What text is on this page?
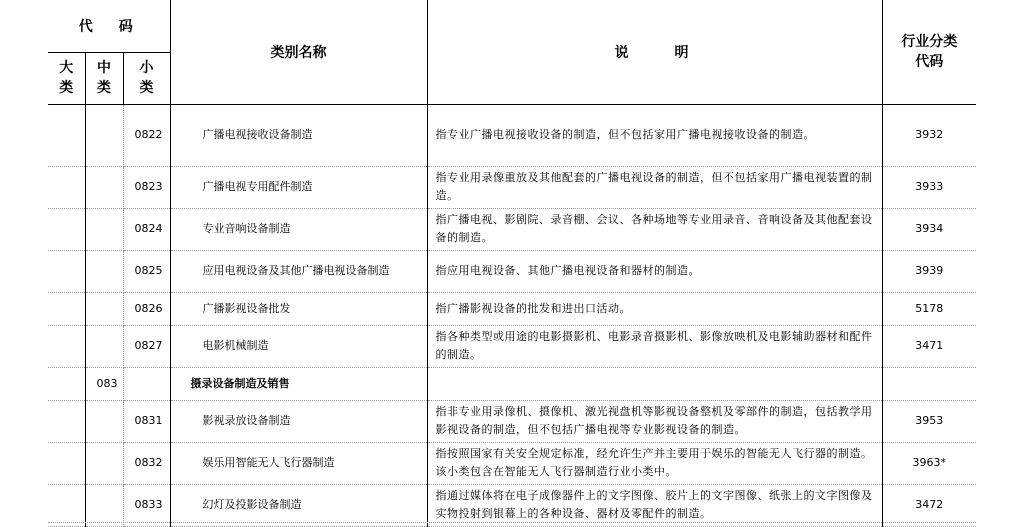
代　码			类别名称	说　　明	行业分类代码
大类	中类	小类			
		0822	广播电视接收设备制造	指专业广播电视接收设备的制造，但不包括家用广播电视接收设备的制造。	3932
		0823	广播电视专用配件制造	指专业用录像重放及其他配套的广播电视设备的制造，但不包括家用广播电视装置的制造。	3933
		0824	专业音响设备制造	指广播电视、影剧院、录音棚、会议、各种场地等专业用录音、音响设备及其他配套设备的制造。	3934
		0825	应用电视设备及其他广播电视设备制造	指应用电视设备、其他广播电视设备和器材的制造。	3939
		0826	广播影视设备批发	指广播影视设备的批发和进出口活动。	5178
		0827	电影机械制造	指各种类型或用途的电影摄影机、电影录音摄影机、影像放映机及电影辅助器材和配件的制造。	3471
	083		摄录设备制造及销售		
		0831	影视录放设备制造	指非专业用录像机、摄像机、激光视盘机等影视设备整机及零部件的制造，包括教学用影视设备的制造，但不包括广播电视等专业影视设备的制造。	3953
		0832	娱乐用智能无人飞行器制造	指按照国家有关安全规定标准，经允许生产并主要用于娱乐的智能无人飞行器的制造。该小类包含在智能无人飞行器制造行业小类中。	3963*
		0833	幻灯及投影设备制造	指通过媒体将在电子成像器件上的文字图像、胶片上的文字图像、纸张上的文字图像及实物投射到银幕上的各种设备、器材及零配件的制造。	3472
